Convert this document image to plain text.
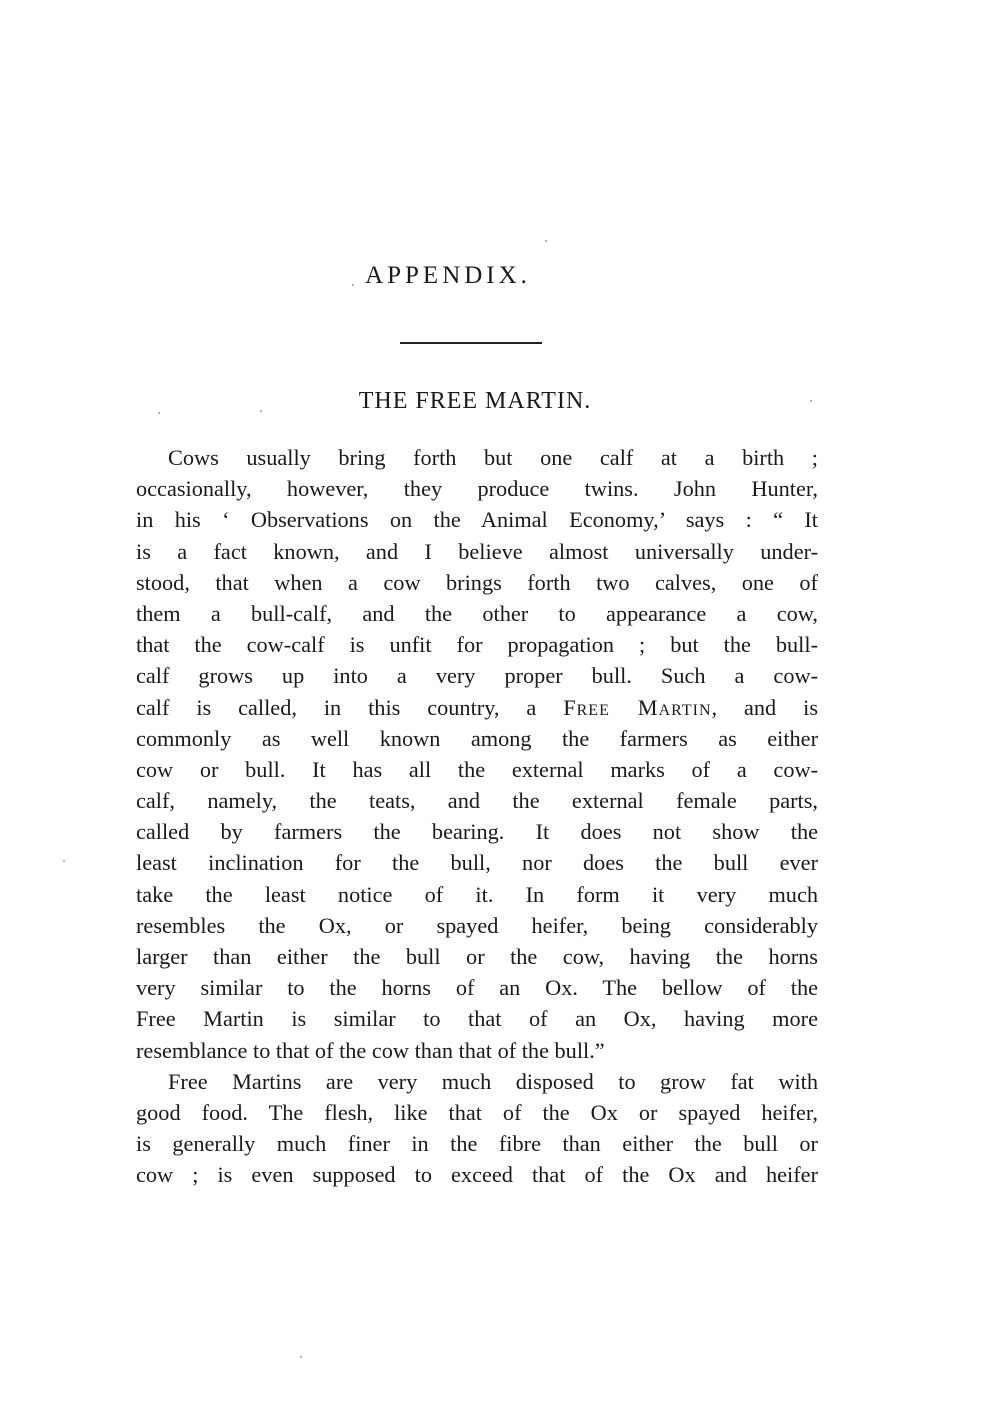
APPENDIX.
THE FREE MARTIN.
Cows usually bring forth but one calf at a birth ;
occasionally, however, they produce twins. John Hunter,
in his ‘ Observations on the Animal Economy,’ says : “ It
is a fact known, and I believe almost universally under-
stood, that when a cow brings forth two calves, one of
them a bull-calf, and the other to appearance a cow,
that the cow-calf is unfit for propagation ; but the bull-
calf grows up into a very proper bull. Such a cow-
calf is called, in this country, a Free Martin, and is
commonly as well known among the farmers as either
cow or bull. It has all the external marks of a cow-
calf, namely, the teats, and the external female parts,
called by farmers the bearing. It does not show the
least inclination for the bull, nor does the bull ever
take the least notice of it. In form it very much
resembles the Ox, or spayed heifer, being considerably
larger than either the bull or the cow, having the horns
very similar to the horns of an Ox. The bellow of the
Free Martin is similar to that of an Ox, having more
resemblance to that of the cow than that of the bull.”
Free Martins are very much disposed to grow fat with
good food. The flesh, like that of the Ox or spayed heifer,
is generally much finer in the fibre than either the bull or
cow ; is even supposed to exceed that of the Ox and heifer
